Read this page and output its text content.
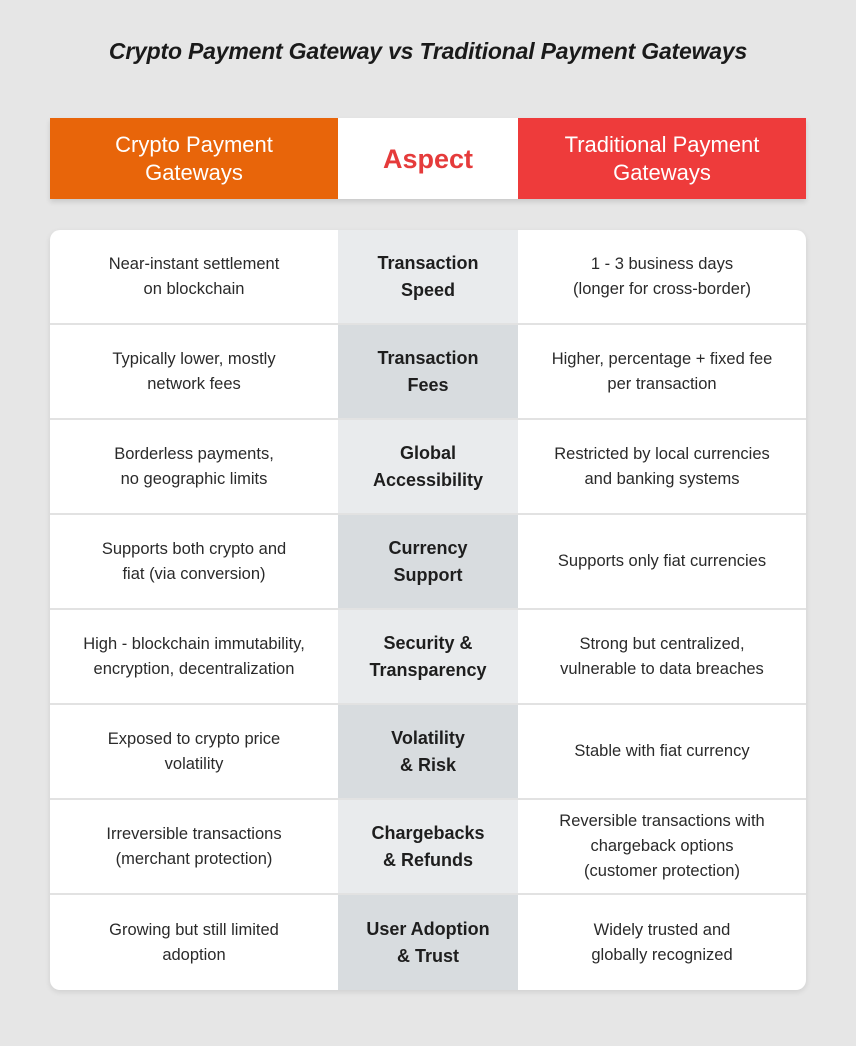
Crypto Payment Gateway vs Traditional Payment Gateways
Crypto Payment
Gateways	Aspect	Traditional Payment
Gateways
Near-instant settlement
on blockchain
Transaction
Speed
1 - 3 business days
(longer for cross-border)
Typically lower, mostly
network fees
Transaction
Fees
Higher, percentage + fixed fee
per transaction
Borderless payments,
no geographic limits
Global
Accessibility
Restricted by local currencies
and banking systems
Supports both crypto and
fiat (via conversion)
Currency
Support
Supports only fiat currencies
High - blockchain immutability,
encryption, decentralization
Security &
Transparency
Strong but centralized,
vulnerable to data breaches
Exposed to crypto price
volatility
Volatility
& Risk
Stable with fiat currency
Irreversible transactions
(merchant protection)
Chargebacks
& Refunds
Reversible transactions with
chargeback options
(customer protection)
Growing but still limited
adoption
User Adoption
& Trust
Widely trusted and
globally recognized
